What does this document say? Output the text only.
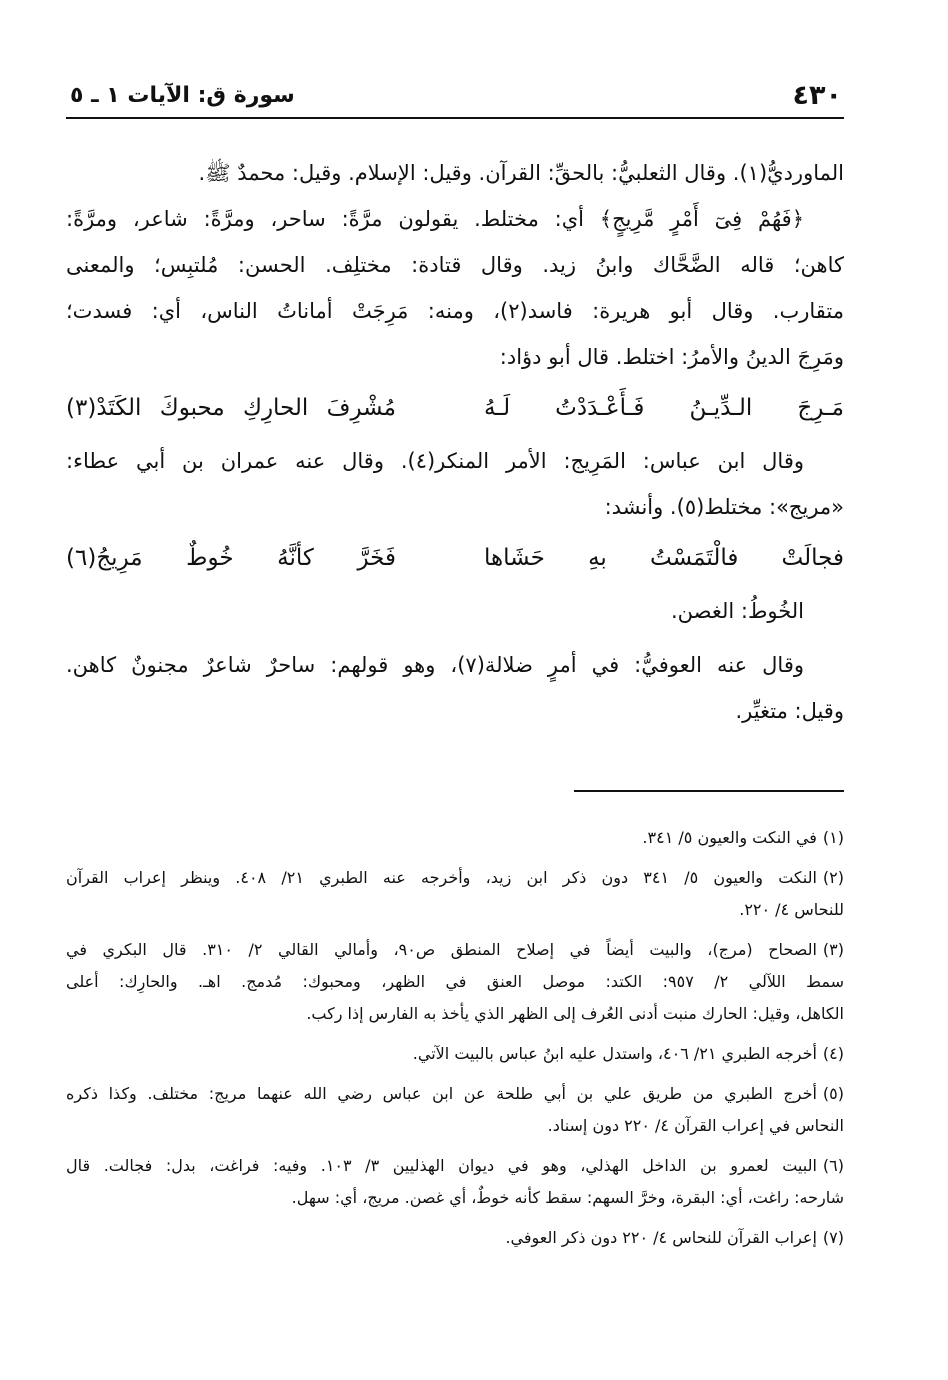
٤٣٠
سورة ق: الآيات ١ ـ ٥
الماورديُّ(١). وقال الثعلبيُّ: بالحقِّ: القرآن. وقيل: الإسلام. وقيل: محمدٌ ﷺ.
﴿فَهُمْ فِىٓ أَمْرٍ مَّرِيجٍ﴾ أي: مختلط. يقولون مرَّةً: ساحر، ومرَّةً: شاعر، ومرَّةً:
كاهن؛ قاله الضَّحَّاك وابنُ زيد. وقال قتادة: مختلِف. الحسن: مُلتبِس؛ والمعنى
متقارب. وقال أبو هريرة: فاسد(٢)، ومنه: مَرِجَتْ أماناتُ الناس، أي: فسدت؛
ومَرِجَ الدينُ والأمرُ: اختلط. قال أبو دؤاد:
مَـرِجَ الـدِّيـنُ فَـأَعْـدَدْتُ لَـهُ
مُشْرِفَ الحارِكِ محبوكَ الكَتَدْ(٣)
وقال ابن عباس: المَرِيج: الأمر المنكر(٤). وقال عنه عمران بن أبي عطاء:
«مريج»: مختلط(٥). وأنشد:
فجالَتْ فالْتَمَسْتُ بهِ حَشَاها
فَخَرَّ كأنَّهُ خُوطٌ مَرِيجُ(٦)
الخُوطُ: الغصن.
وقال عنه العوفيُّ: في أمرٍ ضلالة(٧)، وهو قولهم: ساحرٌ شاعرٌ مجنونٌ كاهن.
وقيل: متغيِّر.
(١)في النكت والعيون ٥/ ٣٤١.
(٢)النكت والعيون ٥/ ٣٤١ دون ذكر ابن زيد، وأخرجه عنه الطبري ٢١/ ٤٠٨. وينظر إعراب القرآن
للنحاس ٤/ ٢٢٠.
(٣)الصحاح (مرج)، والبيت أيضاً في إصلاح المنطق ص٩٠، وأمالي القالي ٢/ ٣١٠. قال البكري في
سمط اللآلي ٢/ ٩٥٧: الكتد: موصل العنق في الظهر، ومحبوك: مُدمج. اهـ. والحارِك: أعلى
الكاهل، وقيل: الحارك منبت أدنى العُرف إلى الظهر الذي يأخذ به الفارس إذا ركب.
(٤)أخرجه الطبري ٢١/ ٤٠٦، واستدل عليه ابنُ عباس بالبيت الآتي.
(٥)أخرج الطبري من طريق علي بن أبي طلحة عن ابن عباس رضي الله عنهما مريج: مختلف. وكذا ذكره
النحاس في إعراب القرآن ٤/ ٢٢٠ دون إسناد.
(٦)البيت لعمرو بن الداخل الهذلي، وهو في ديوان الهذليين ٣/ ١٠٣. وفيه: فراغت، بدل: فجالت. قال
شارحه: راغت، أي: البقرة، وخرَّ السهم: سقط كأنه خوطٌ، أي غصن. مريج، أي: سهل.
(٧)إعراب القرآن للنحاس ٤/ ٢٢٠ دون ذكر العوفي.
